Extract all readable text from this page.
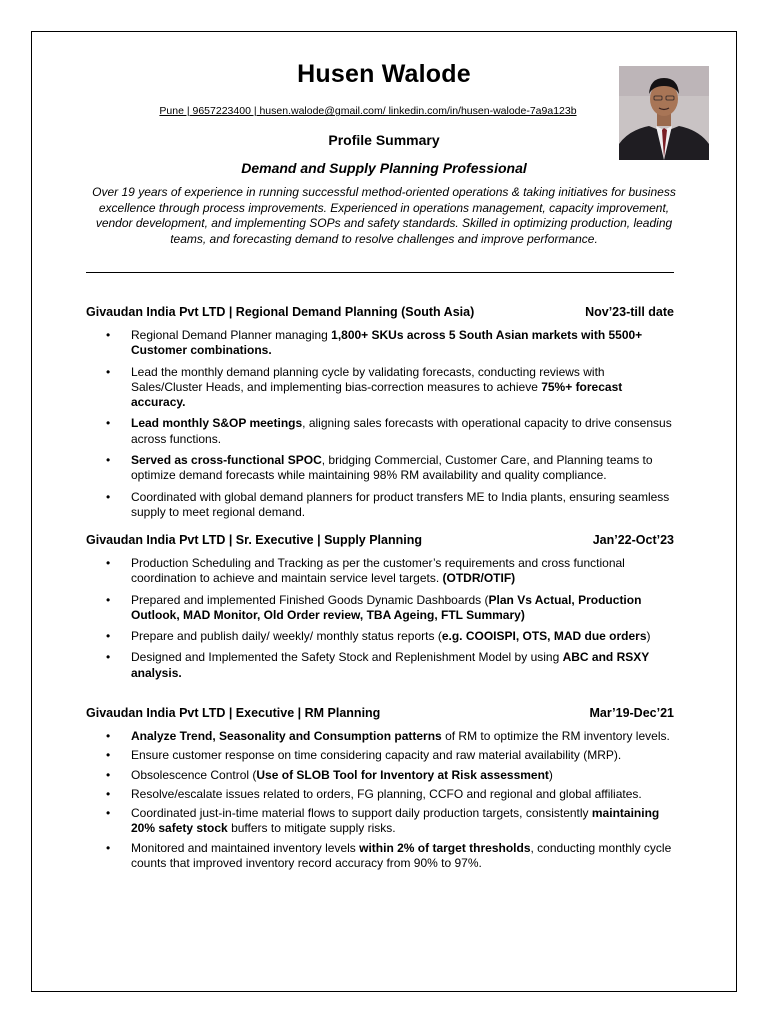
Husen Walode
Pune | 9657223400 | husen.walode@gmail.com/ linkedin.com/in/husen-walode-7a9a123b
Profile Summary
Demand and Supply Planning Professional
Over 19 years of experience in running successful method-oriented operations & taking initiatives for business excellence through process improvements. Experienced in operations management, capacity improvement, vendor development, and implementing SOPs and safety standards. Skilled in optimizing production, leading teams, and forecasting demand to resolve challenges and improve performance.
Givaudan India Pvt LTD | Regional Demand Planning (South Asia)	Nov’23-till date
• Regional Demand Planner managing 1,800+ SKUs across 5 South Asian markets with 5500+ Customer combinations.
• Lead the monthly demand planning cycle by validating forecasts, conducting reviews with Sales/Cluster Heads, and implementing bias-correction measures to achieve 75%+ forecast accuracy.
• Lead monthly S&OP meetings, aligning sales forecasts with operational capacity to drive consensus across functions.
• Served as cross-functional SPOC, bridging Commercial, Customer Care, and Planning teams to optimize demand forecasts while maintaining 98% RM availability and quality compliance.
• Coordinated with global demand planners for product transfers ME to India plants, ensuring seamless supply to meet regional demand.
Givaudan India Pvt LTD | Sr. Executive | Supply Planning	Jan’22-Oct’23
• Production Scheduling and Tracking as per the customer’s requirements and cross functional coordination to achieve and maintain service level targets. (OTDR/OTIF)
• Prepared and implemented Finished Goods Dynamic Dashboards (Plan Vs Actual, Production Outlook, MAD Monitor, Old Order review, TBA Ageing, FTL Summary)
• Prepare and publish daily/ weekly/ monthly status reports (e.g. COOISPI, OTS, MAD due orders)
• Designed and Implemented the Safety Stock and Replenishment Model by using ABC and RSXY analysis.
Givaudan India Pvt LTD | Executive | RM Planning	Mar’19-Dec’21
• Analyze Trend, Seasonality and Consumption patterns of RM to optimize the RM inventory levels.
• Ensure customer response on time considering capacity and raw material availability (MRP).
• Obsolescence Control (Use of SLOB Tool for Inventory at Risk assessment)
• Resolve/escalate issues related to orders, FG planning, CCFO and regional and global affiliates.
• Coordinated just-in-time material flows to support daily production targets, consistently maintaining 20% safety stock buffers to mitigate supply risks.
• Monitored and maintained inventory levels within 2% of target thresholds, conducting monthly cycle counts that improved inventory record accuracy from 90% to 97%.
